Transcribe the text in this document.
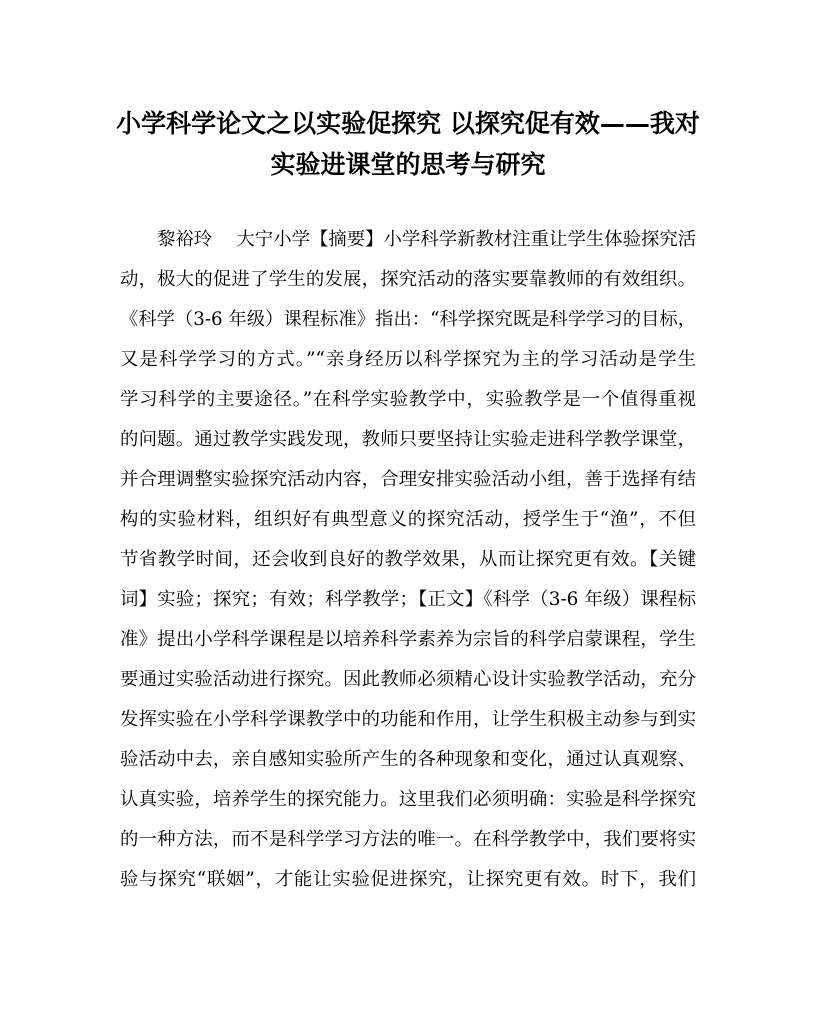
小学科学论文之以实验促探究 以探究促有效——我对
实验进课堂的思考与研究
黎裕玲　 大宁小学【摘要】小学科学新教材注重让学生体验探究活
动，极大的促进了学生的发展，探究活动的落实要靠教师的有效组织。
《科学（3-6 年级）课程标准》指出：“科学探究既是科学学习的目标，
又是科学学习的方式。”“亲身经历以科学探究为主的学习活动是学生
学习科学的主要途径。”在科学实验教学中，实验教学是一个值得重视
的问题。通过教学实践发现，教师只要坚持让实验走进科学教学课堂，
并合理调整实验探究活动内容，合理安排实验活动小组，善于选择有结
构的实验材料，组织好有典型意义的探究活动，授学生于“渔”，不但
节省教学时间，还会收到良好的教学效果，从而让探究更有效。【关键
词】实验；探究；有效；科学教学；【正文】《科学（3-6 年级）课程标
准》提出小学科学课程是以培养科学素养为宗旨的科学启蒙课程，学生
要通过实验活动进行探究。因此教师必须精心设计实验教学活动，充分
发挥实验在小学科学课教学中的功能和作用，让学生积极主动参与到实
验活动中去，亲自感知实验所产生的各种现象和变化，通过认真观察、
认真实验，培养学生的探究能力。这里我们必须明确：实验是科学探究
的一种方法，而不是科学学习方法的唯一。在科学教学中，我们要将实
验与探究“联姻”，才能让实验促进探究，让探究更有效。时下，我们
